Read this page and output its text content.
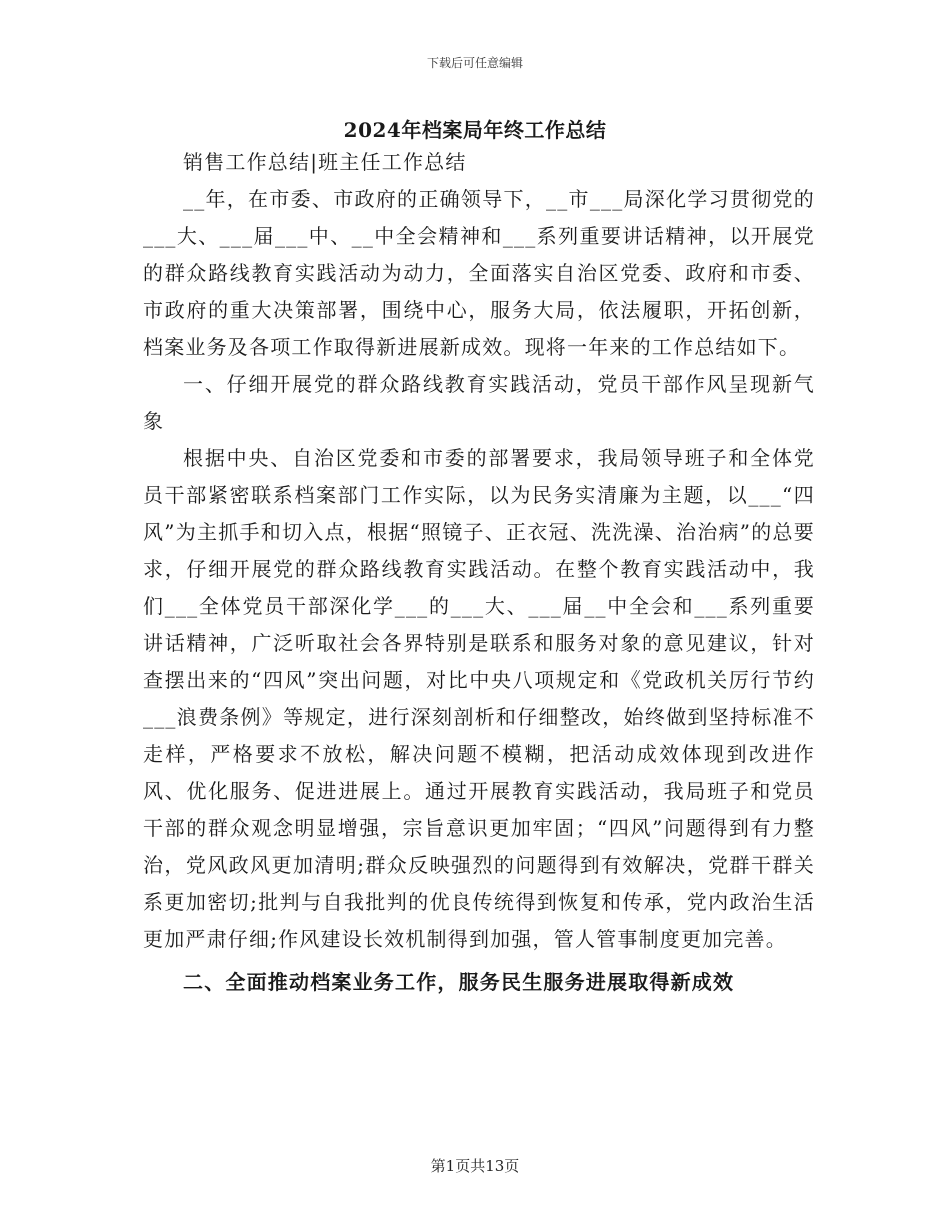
下载后可任意编辑
2024年档案局年终工作总结

销售工作总结|班主任工作总结

__年，在市委、市政府的正确领导下，__市___局深化学习贯彻党的___大、___届___中、__中全会精神和___系列重要讲话精神，以开展党的群众路线教育实践活动为动力，全面落实自治区党委、政府和市委、市政府的重大决策部署，围绕中心，服务大局，依法履职，开拓创新，档案业务及各项工作取得新进展新成效。现将一年来的工作总结如下。

一、仔细开展党的群众路线教育实践活动，党员干部作风呈现新气象

根据中央、自治区党委和市委的部署要求，我局领导班子和全体党员干部紧密联系档案部门工作实际，以为民务实清廉为主题，以___“四风”为主抓手和切入点，根据“照镜子、正衣冠、洗洗澡、治治病”的总要求，仔细开展党的群众路线教育实践活动。在整个教育实践活动中，我们___全体党员干部深化学___的___大、___届__中全会和___系列重要讲话精神，广泛听取社会各界特别是联系和服务对象的意见建议，针对查摆出来的“四风”突出问题，对比中央八项规定和《党政机关厉行节约___浪费条例》等规定，进行深刻剖析和仔细整改，始终做到坚持标准不走样，严格要求不放松，解决问题不模糊，把活动成效体现到改进作风、优化服务、促进进展上。通过开展教育实践活动，我局班子和党员干部的群众观念明显增强，宗旨意识更加牢固；“四风”问题得到有力整治，党风政风更加清明;群众反映强烈的问题得到有效解决，党群干群关系更加密切;批判与自我批判的优良传统得到恢复和传承，党内政治生活更加严肃仔细;作风建设长效机制得到加强，管人管事制度更加完善。

二、全面推动档案业务工作，服务民生服务进展取得新成效

第1页共13页
